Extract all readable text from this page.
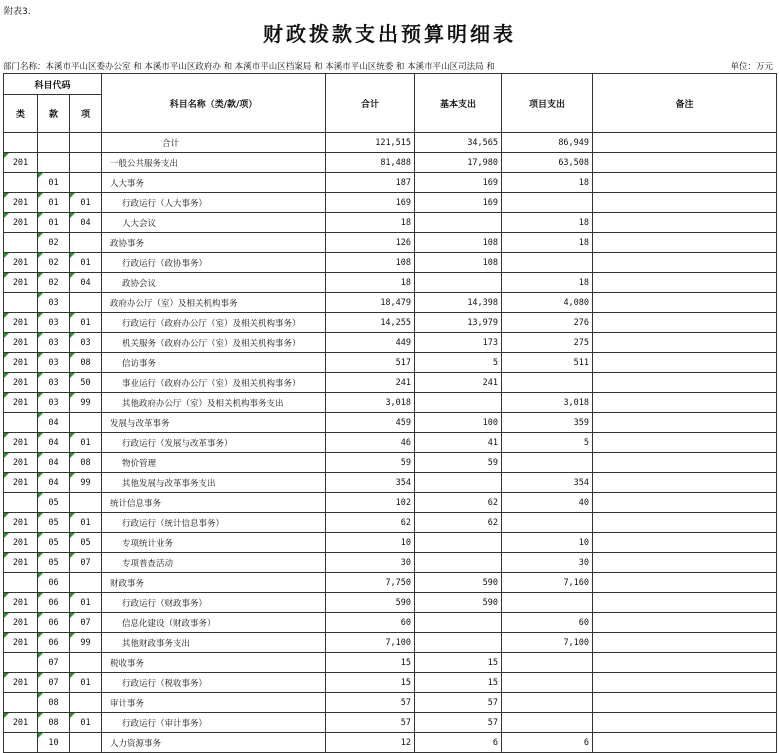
附表3.
财政拨款支出预算明细表
部门名称：本溪市平山区委办公室 和 本溪市平山区政府办 和 本溪市平山区档案局 和 本溪市平山区统委 和 本溪市平山区司法局 和	单位：万元
科目代码			科目名称（类/款/项）	合计	基本支出	项目支出	备注
类	款	项					
			合计	121,515	34,565	86,949	
201			一般公共服务支出	81,488	17,980	63,508	
	01		人大事务	187	169	18	
201	01	01	行政运行（人大事务）	169	169		
201	01	04	人大会议	18		18	
	02		政协事务	126	108	18	
201	02	01	行政运行（政协事务）	108	108		
201	02	04	政协会议	18		18	
	03		政府办公厅（室）及相关机构事务	18,479	14,398	4,080	
201	03	01	行政运行（政府办公厅（室）及相关机构事务）	14,255	13,979	276	
201	03	03	机关服务（政府办公厅（室）及相关机构事务）	449	173	275	
201	03	08	信访事务	517	5	511	
201	03	50	事业运行（政府办公厅（室）及相关机构事务）	241	241		
201	03	99	其他政府办公厅（室）及相关机构事务支出	3,018		3,018	
	04		发展与改革事务	459	100	359	
201	04	01	行政运行（发展与改革事务）	46	41	5	
201	04	08	物价管理	59	59		
201	04	99	其他发展与改革事务支出	354		354	
	05		统计信息事务	102	62	40	
201	05	01	行政运行（统计信息事务）	62	62		
201	05	05	专项统计业务	10		10	
201	05	07	专项普查活动	30		30	
	06		财政事务	7,750	590	7,160	
201	06	01	行政运行（财政事务）	590	590		
201	06	07	信息化建设（财政事务）	60		60	
201	06	99	其他财政事务支出	7,100		7,100	
	07		税收事务	15	15		
201	07	01	行政运行（税收事务）	15	15		
	08		审计事务	57	57		
201	08	01	行政运行（审计事务）	57	57		
	10		人力资源事务	12	6	6	
